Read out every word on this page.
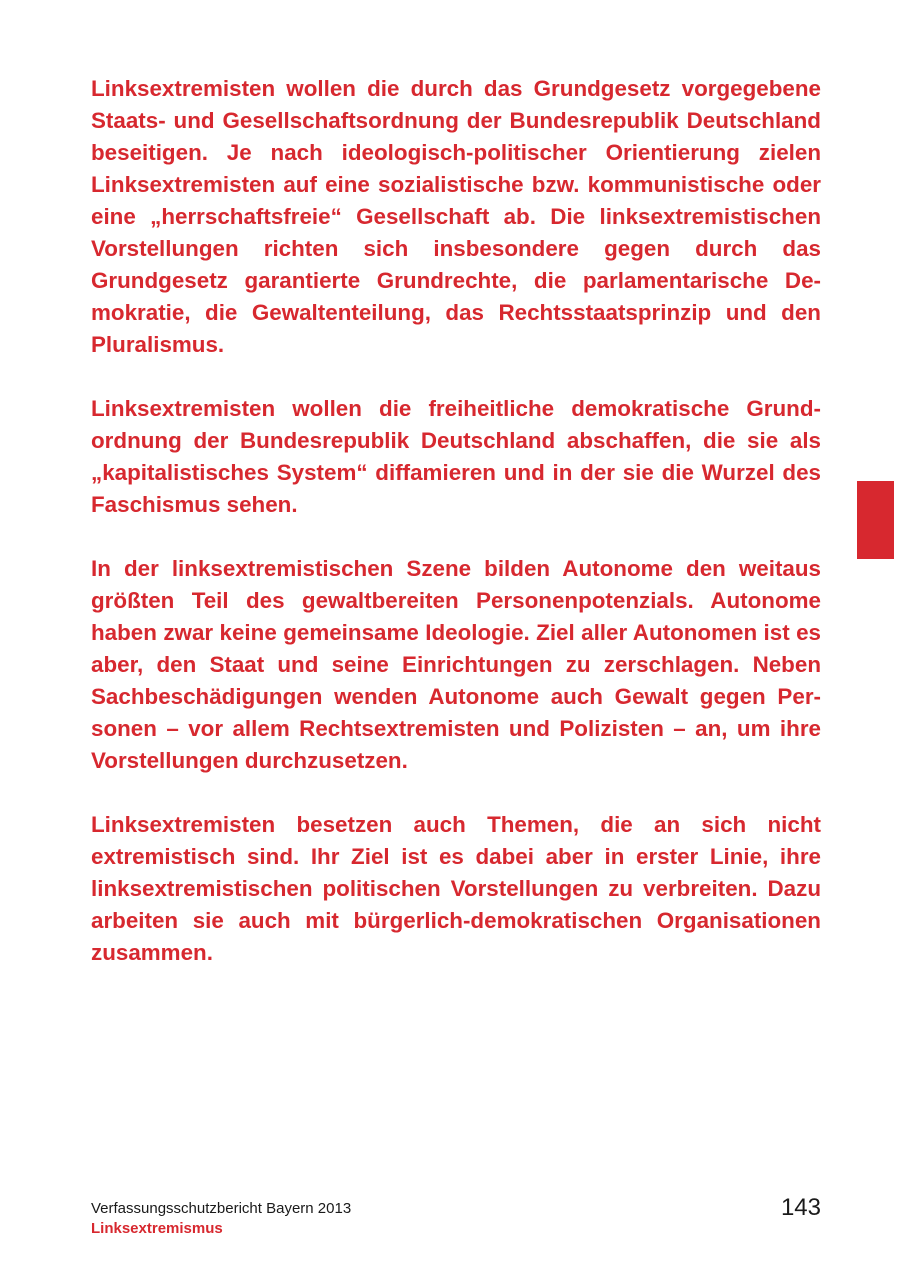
Linksextremisten wollen die durch das Grundgesetz vorgegebene Staats- und Gesellschaftsordnung der Bundesrepublik Deutschland beseitigen. Je nach ideologisch-politischer Orientierung zielen Linksextremisten auf eine sozialistische bzw. kommunistische oder eine „herrschaftsfreie“ Gesellschaft ab. Die linksextremistischen Vorstellungen richten sich insbesondere gegen durch das Grundgesetz garantierte Grundrechte, die parlamentarische Demokratie, die Gewaltenteilung, das Rechtsstaatsprinzip und den Pluralismus.

Linksextremisten wollen die freiheitliche demokratische Grundordnung der Bundesrepublik Deutschland abschaffen, die sie als „kapitalistisches System“ diffamieren und in der sie die Wurzel des Faschismus sehen.

In der linksextremistischen Szene bilden Autonome den weitaus größten Teil des gewaltbereiten Personenpotenzials. Autonome haben zwar keine gemeinsame Ideologie. Ziel aller Autonomen ist es aber, den Staat und seine Einrichtungen zu zerschlagen. Neben Sachbeschädigungen wenden Autonome auch Gewalt gegen Personen – vor allem Rechtsextremisten und Polizisten – an, um ihre Vorstellungen durchzusetzen.

Linksextremisten besetzen auch Themen, die an sich nicht extremistisch sind. Ihr Ziel ist es dabei aber in erster Linie, ihre linksextremistischen politischen Vorstellungen zu verbreiten. Dazu arbeiten sie auch mit bürgerlich-demokratischen Organisationen zusammen.

Verfassungsschutzbericht Bayern 2013
Linksextremismus
143
